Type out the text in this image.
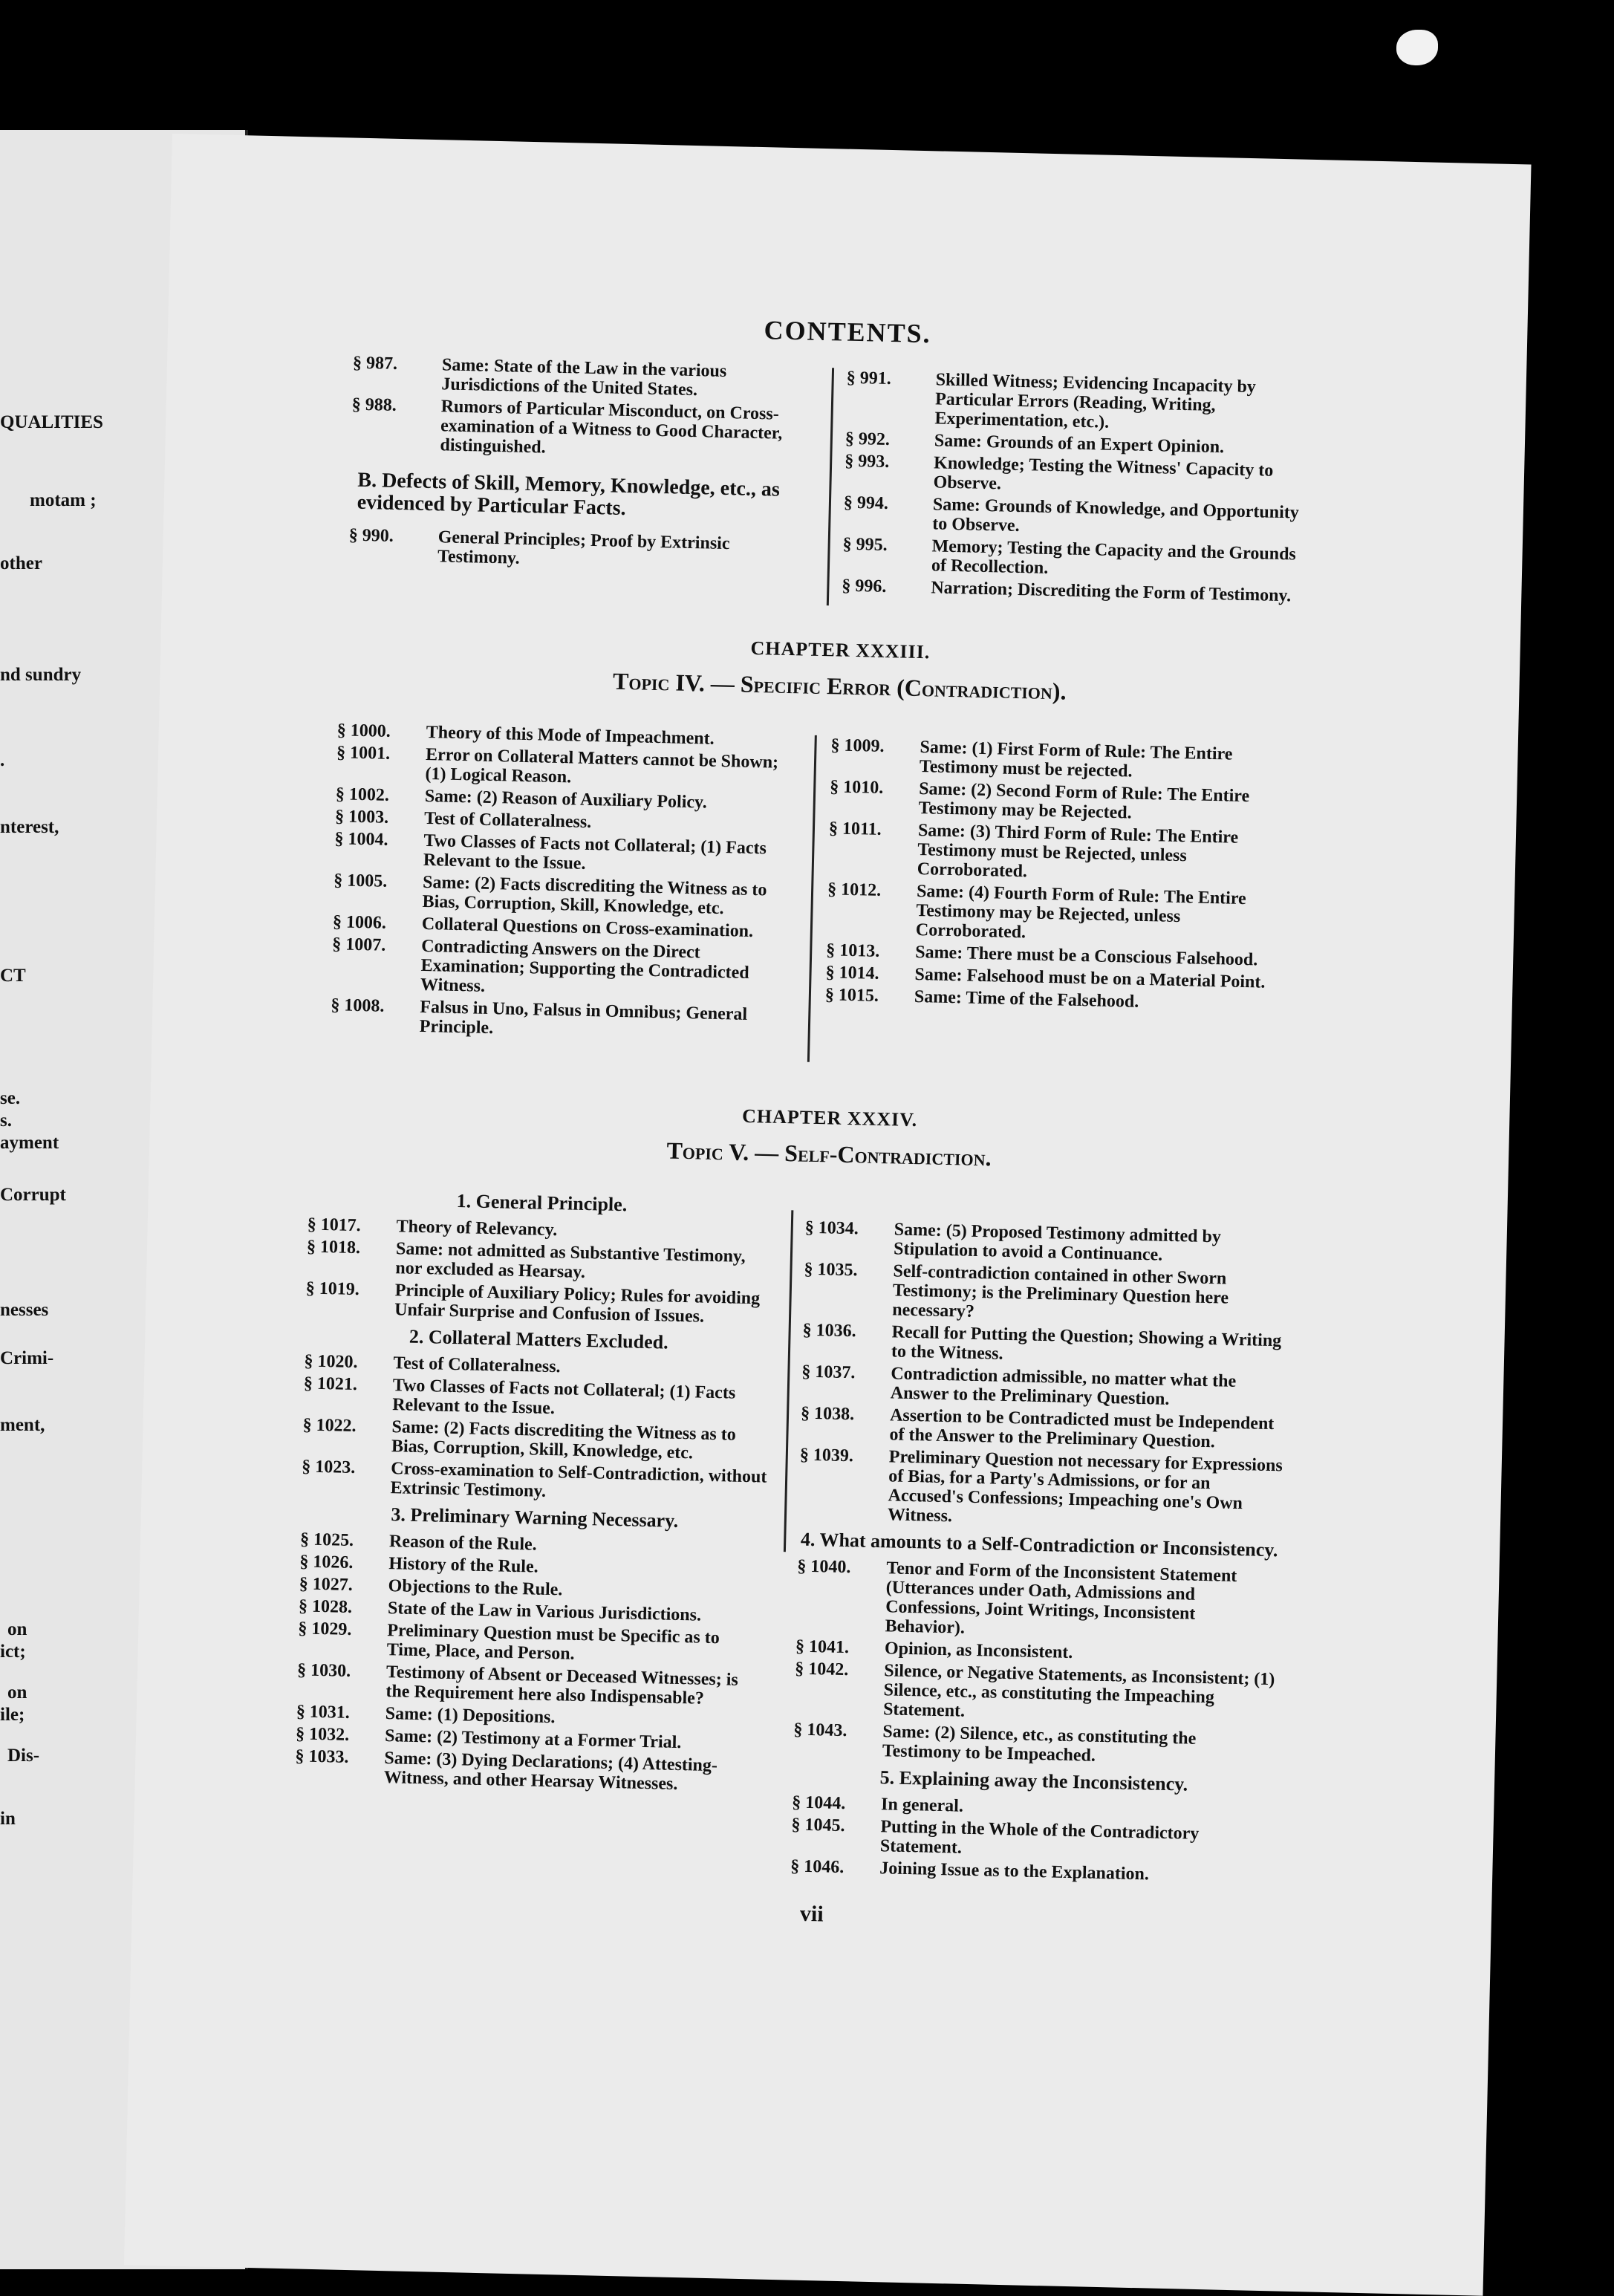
QUALITIES
motam ;
other
nd sundry
.
nterest,
CT
se.
s.
ayment
Corrupt
nesses
Crimi-
ment,
on
ict;
on
ile;
Dis-
in
CONTENTS.
§ 987.	Same: State of the Law in the various Jurisdictions of the United States.
§ 988.	Rumors of Particular Misconduct, on Cross-examination of a Witness to Good Character, distinguished.
B. Defects of Skill, Memory, Knowledge, etc., as evidenced by Particular Facts.
§ 990.	General Principles; Proof by Extrinsic Testimony.
§ 991.	Skilled Witness; Evidencing Incapacity by Particular Errors (Reading, Writing, Experimentation, etc.).
§ 992.	Same: Grounds of an Expert Opinion.
§ 993.	Knowledge; Testing the Witness' Capacity to Observe.
§ 994.	Same: Grounds of Knowledge, and Opportunity to Observe.
§ 995.	Memory; Testing the Capacity and the Grounds of Recollection.
§ 996.	Narration; Discrediting the Form of Testimony.
CHAPTER XXXIII.
Topic IV. — Specific Error (Contradiction).
§ 1000.	Theory of this Mode of Impeachment.
§ 1001.	Error on Collateral Matters cannot be Shown; (1) Logical Reason.
§ 1002.	Same: (2) Reason of Auxiliary Policy.
§ 1003.	Test of Collateralness.
§ 1004.	Two Classes of Facts not Collateral; (1) Facts Relevant to the Issue.
§ 1005.	Same: (2) Facts discrediting the Witness as to Bias, Corruption, Skill, Knowledge, etc.
§ 1006.	Collateral Questions on Cross-examination.
§ 1007.	Contradicting Answers on the Direct Examination; Supporting the Contradicted Witness.
§ 1008.	Falsus in Uno, Falsus in Omnibus; General Principle.
§ 1009.	Same: (1) First Form of Rule: The Entire Testimony must be rejected.
§ 1010.	Same: (2) Second Form of Rule: The Entire Testimony may be Rejected.
§ 1011.	Same: (3) Third Form of Rule: The Entire Testimony must be Rejected, unless Corroborated.
§ 1012.	Same: (4) Fourth Form of Rule: The Entire Testimony may be Rejected, unless Corroborated.
§ 1013.	Same: There must be a Conscious Falsehood.
§ 1014.	Same: Falsehood must be on a Material Point.
§ 1015.	Same: Time of the Falsehood.
CHAPTER XXXIV.
Topic V. — Self-Contradiction.
1. General Principle.
§ 1017.	Theory of Relevancy.
§ 1018.	Same: not admitted as Substantive Testimony, nor excluded as Hearsay.
§ 1019.	Principle of Auxiliary Policy; Rules for avoiding Unfair Surprise and Confusion of Issues.
2. Collateral Matters Excluded.
§ 1020.	Test of Collateralness.
§ 1021.	Two Classes of Facts not Collateral; (1) Facts Relevant to the Issue.
§ 1022.	Same: (2) Facts discrediting the Witness as to Bias, Corruption, Skill, Knowledge, etc.
§ 1023.	Cross-examination to Self-Contradiction, without Extrinsic Testimony.
3. Preliminary Warning Necessary.
§ 1025.	Reason of the Rule.
§ 1026.	History of the Rule.
§ 1027.	Objections to the Rule.
§ 1028.	State of the Law in Various Jurisdictions.
§ 1029.	Preliminary Question must be Specific as to Time, Place, and Person.
§ 1030.	Testimony of Absent or Deceased Witnesses; is the Requirement here also Indispensable?
§ 1031.	Same: (1) Depositions.
§ 1032.	Same: (2) Testimony at a Former Trial.
§ 1033.	Same: (3) Dying Declarations; (4) Attesting-Witness, and other Hearsay Witnesses.
§ 1034.	Same: (5) Proposed Testimony admitted by Stipulation to avoid a Continuance.
§ 1035.	Self-contradiction contained in other Sworn Testimony; is the Preliminary Question here necessary?
§ 1036.	Recall for Putting the Question; Showing a Writing to the Witness.
§ 1037.	Contradiction admissible, no matter what the Answer to the Preliminary Question.
§ 1038.	Assertion to be Contradicted must be Independent of the Answer to the Preliminary Question.
§ 1039.	Preliminary Question not necessary for Expressions of Bias, for a Party's Admissions, or for an Accused's Confessions; Impeaching one's Own Witness.
4. What amounts to a Self-Contradiction or Inconsistency.
§ 1040.	Tenor and Form of the Inconsistent Statement (Utterances under Oath, Admissions and Confessions, Joint Writings, Inconsistent Behavior).
§ 1041.	Opinion, as Inconsistent.
§ 1042.	Silence, or Negative Statements, as Inconsistent; (1) Silence, etc., as constituting the Impeaching Statement.
§ 1043.	Same: (2) Silence, etc., as constituting the Testimony to be Impeached.
5. Explaining away the Inconsistency.
§ 1044.	In general.
§ 1045.	Putting in the Whole of the Contradictory Statement.
§ 1046.	Joining Issue as to the Explanation.
vii
